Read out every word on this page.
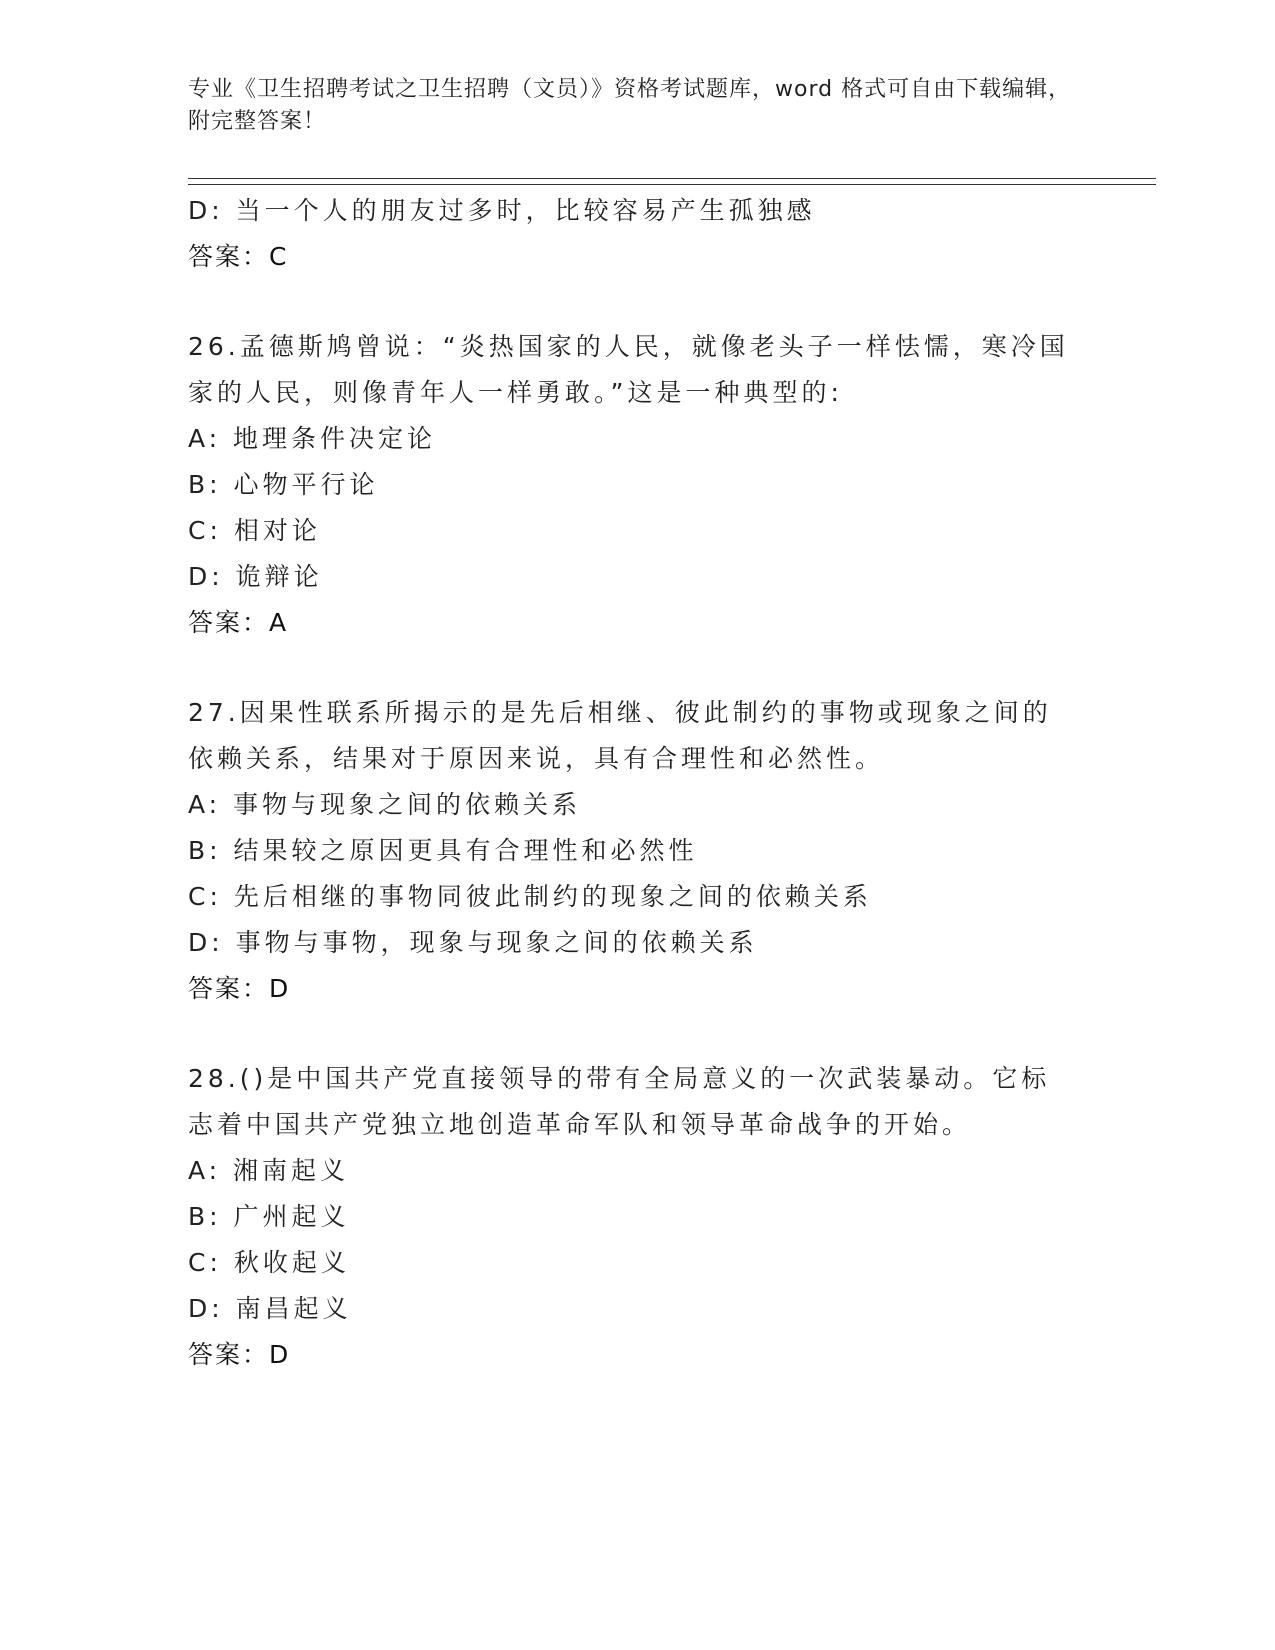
专业《卫生招聘考试之卫生招聘（文员）》资格考试题库，word 格式可自由下载编辑，附完整答案！
D: 当一个人的朋友过多时，比较容易产生孤独感
答案：C
26.孟德斯鸠曾说：“炎热国家的人民，就像老头子一样怯懦，寒冷国家的人民，则像青年人一样勇敢。”这是一种典型的:
A: 地理条件决定论
B: 心物平行论
C: 相对论
D: 诡辩论
答案：A
27.因果性联系所揭示的是先后相继、彼此制约的事物或现象之间的依赖关系，结果对于原因来说，具有合理性和必然性。
A: 事物与现象之间的依赖关系
B: 结果较之原因更具有合理性和必然性
C: 先后相继的事物同彼此制约的现象之间的依赖关系
D: 事物与事物，现象与现象之间的依赖关系
答案：D
28.()是中国共产党直接领导的带有全局意义的一次武装暴动。它标志着中国共产党独立地创造革命军队和领导革命战争的开始。
A: 湘南起义
B: 广州起义
C: 秋收起义
D: 南昌起义
答案：D
